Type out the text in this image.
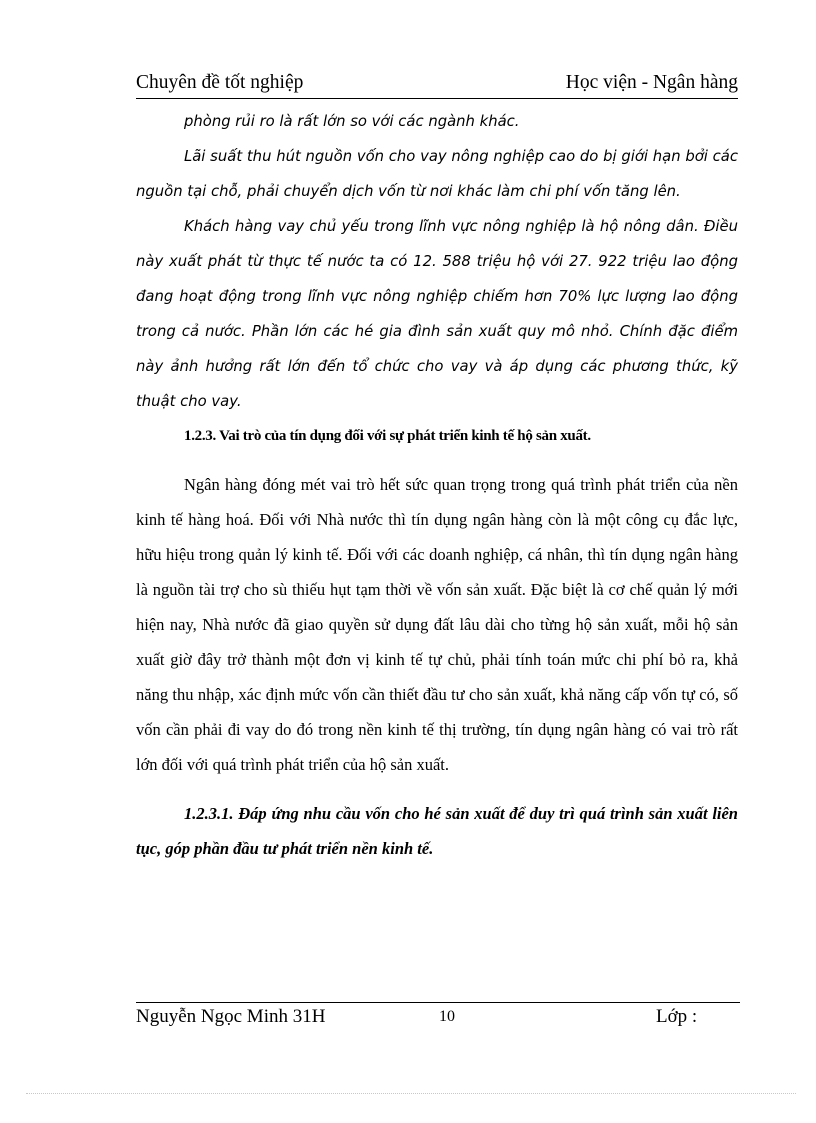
Chuyên đề tốt nghiệp	Học viện - Ngân hàng

phòng rủi ro là rất lớn so với các ngành khác.

Lãi suất thu hút nguồn vốn cho vay nông nghiệp cao do bị giới hạn bởi các nguồn tại chỗ, phải chuyển dịch vốn từ nơi khác làm chi phí vốn tăng lên.

Khách hàng vay chủ yếu trong lĩnh vực nông nghiệp là hộ nông dân. Điều này xuất phát từ thực tế nước ta có 12. 588 triệu hộ với 27. 922 triệu lao động đang hoạt động trong lĩnh vực nông nghiệp chiếm hơn 70% lực lượng lao động trong cả nước. Phần lớn các hé gia đình sản xuất quy mô nhỏ. Chính đặc điểm này ảnh hưởng rất lớn đến tổ chức cho vay và áp dụng các phương thức, kỹ thuật cho vay.

1.2.3. Vai trò của tín dụng đối với sự phát triển kinh tế hộ sản xuất.

Ngân hàng đóng mét vai trò hết sức quan trọng trong quá trình phát triển của nền kinh tế hàng hoá. Đối với Nhà nước thì tín dụng ngân hàng còn là một công cụ đắc lực, hữu hiệu trong quản lý kinh tế. Đối với các doanh nghiệp, cá nhân, thì tín dụng ngân hàng là nguồn tài trợ cho sù thiếu hụt tạm thời về vốn sản xuất. Đặc biệt là cơ chế quản lý mới hiện nay, Nhà nước đã giao quyền sử dụng đất lâu dài cho từng hộ sản xuất, mỗi hộ sản xuất giờ đây trở thành một đơn vị kinh tế tự chủ, phải tính toán mức chi phí bỏ ra, khả năng thu nhập, xác định mức vốn cần thiết đầu tư cho sản xuất, khả năng cấp vốn tự có, số vốn cần phải đi vay do đó trong nền kinh tế thị trường, tín dụng ngân hàng có vai trò rất lớn đối với quá trình phát triển của hộ sản xuất.

1.2.3.1. Đáp ứng nhu cầu vốn cho hé sản xuất để duy trì quá trình sản xuất liên tục, góp phần đầu tư phát triển nền kinh tế.

Nguyễn Ngọc Minh 31H	10	Lớp :
